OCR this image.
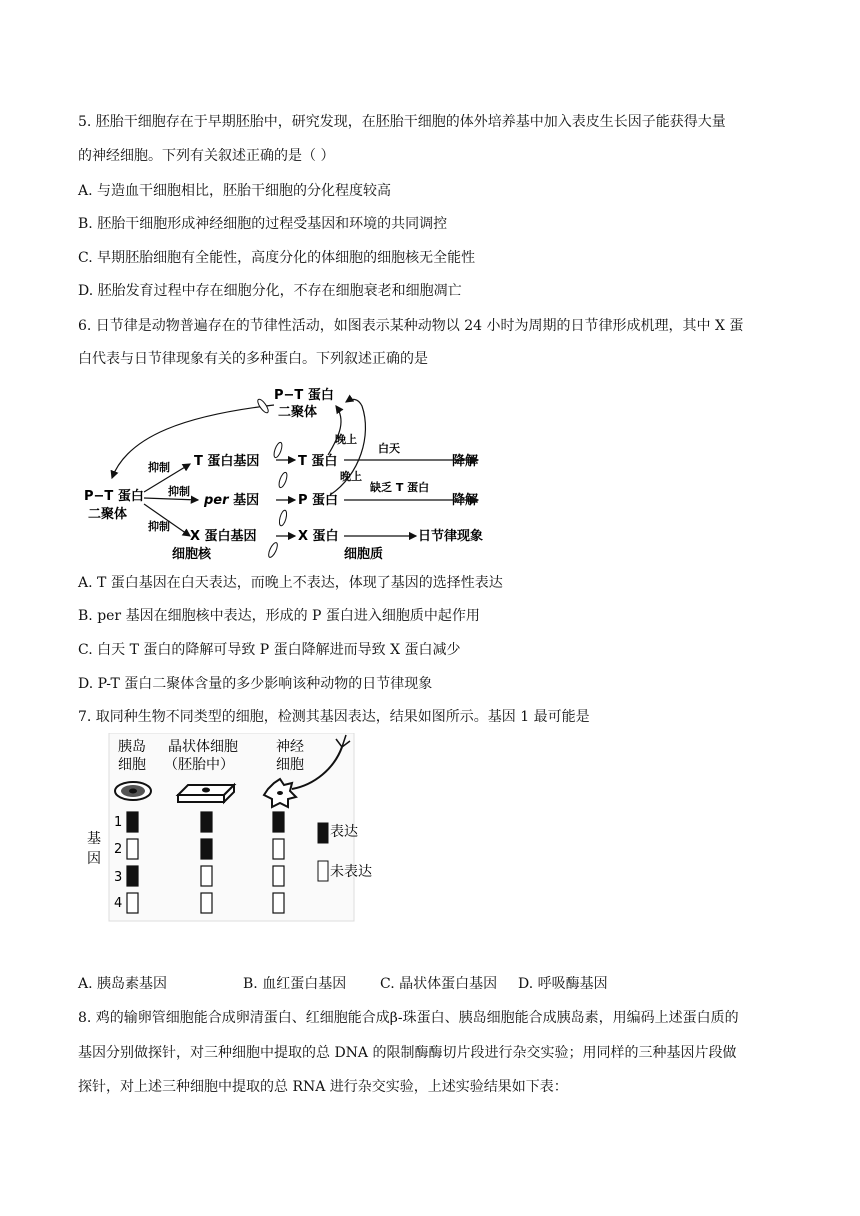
5. 胚胎干细胞存在于早期胚胎中，研究发现，在胚胎干细胞的体外培养基中加入表皮生长因子能获得大量
的神经细胞。下列有关叙述正确的是（ ）
A. 与造血干细胞相比，胚胎干细胞的分化程度较高
B. 胚胎干细胞形成神经细胞的过程受基因和环境的共同调控
C. 早期胚胎细胞有全能性，高度分化的体细胞的细胞核无全能性
D. 胚胎发育过程中存在细胞分化，不存在细胞衰老和细胞凋亡
6. 日节律是动物普遍存在的节律性活动，如图表示某种动物以 24 小时为周期的日节律形成机理，其中 X 蛋
白代表与日节律现象有关的多种蛋白。下列叙述正确的是
P−T 蛋白
二聚体
晚上
晚上
P−T 蛋白
二聚体
抑制
抑制
抑制
T 蛋白基因
per 基因
X 蛋白基因
T 蛋白
P 蛋白
X 蛋白
白天
缺乏 T 蛋白
降解
降解
日节律现象
细胞核	细胞质
A. T 蛋白基因在白天表达，而晚上不表达，体现了基因的选择性表达
B. per 基因在细胞核中表达，形成的 P 蛋白进入细胞质中起作用
C. 白天 T 蛋白的降解可导致 P 蛋白降解进而导致 X 蛋白减少
D. P-T 蛋白二聚体含量的多少影响该种动物的日节律现象
7. 取同种生物不同类型的细胞，检测其基因表达，结果如图所示。基因 1 最可能是
胰岛
细胞
晶状体细胞
（胚胎中）
神经
细胞
基
因
1
2
3
4
表达
未表达
A. 胰岛素基因	B. 血红蛋白基因 C. 晶状体蛋白基因 D. 呼吸酶基因
8. 鸡的输卵管细胞能合成卵清蛋白、红细胞能合成β-珠蛋白、胰岛细胞能合成胰岛素，用编码上述蛋白质的
基因分别做探针，对三种细胞中提取的总 DNA 的限制酶酶切片段进行杂交实验；用同样的三种基因片段做
探针，对上述三种细胞中提取的总 RNA 进行杂交实验，上述实验结果如下表：
